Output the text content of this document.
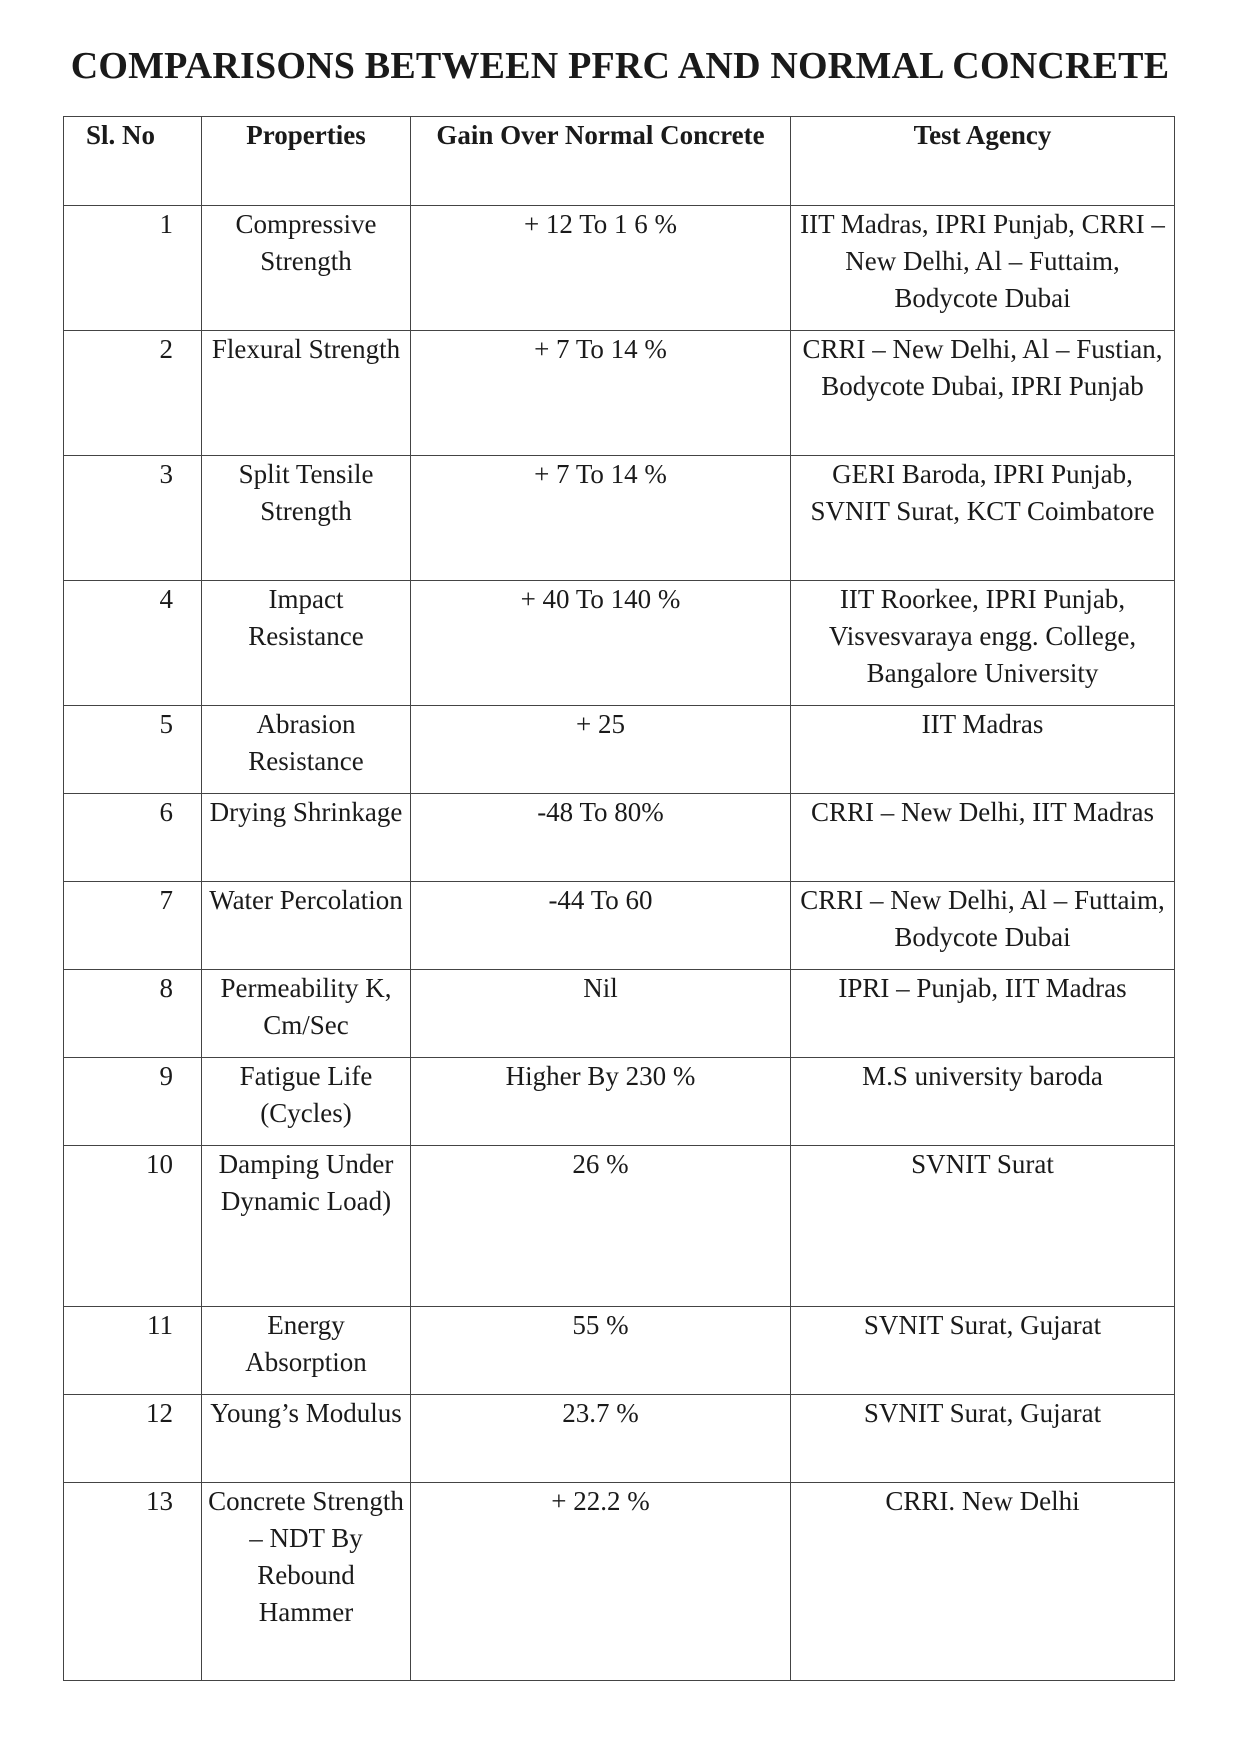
COMPARISONS BETWEEN PFRC AND NORMAL CONCRETE
Sl. No	Properties	Gain Over Normal Concrete	Test Agency
1	Compressive Strength	+ 12 To 1 6 %	IIT Madras, IPRI Punjab, CRRI – New Delhi, Al – Futtaim, Bodycote Dubai
2	Flexural Strength	+ 7 To 14 %	CRRI – New Delhi, Al – Fustian, Bodycote Dubai, IPRI Punjab
3	Split Tensile Strength	+ 7 To 14 %	GERI Baroda, IPRI Punjab, SVNIT Surat, KCT Coimbatore
4	Impact Resistance	+ 40 To 140 %	IIT Roorkee, IPRI Punjab, Visvesvaraya engg. College, Bangalore University
5	Abrasion Resistance	+ 25	IIT Madras
6	Drying Shrinkage	-48 To 80%	CRRI – New Delhi, IIT Madras
7	Water Percolation	-44 To 60	CRRI – New Delhi, Al – Futtaim, Bodycote Dubai
8	Permeability K, Cm/Sec	Nil	IPRI – Punjab, IIT Madras
9	Fatigue Life (Cycles)	Higher By 230 %	M.S university baroda
10	Damping Under Dynamic Load)	26 %	SVNIT Surat
11	Energy Absorption	55 %	SVNIT Surat, Gujarat
12	Young’s Modulus	23.7 %	SVNIT Surat, Gujarat
13	Concrete Strength – NDT By Rebound Hammer	+ 22.2 %	CRRI. New Delhi
